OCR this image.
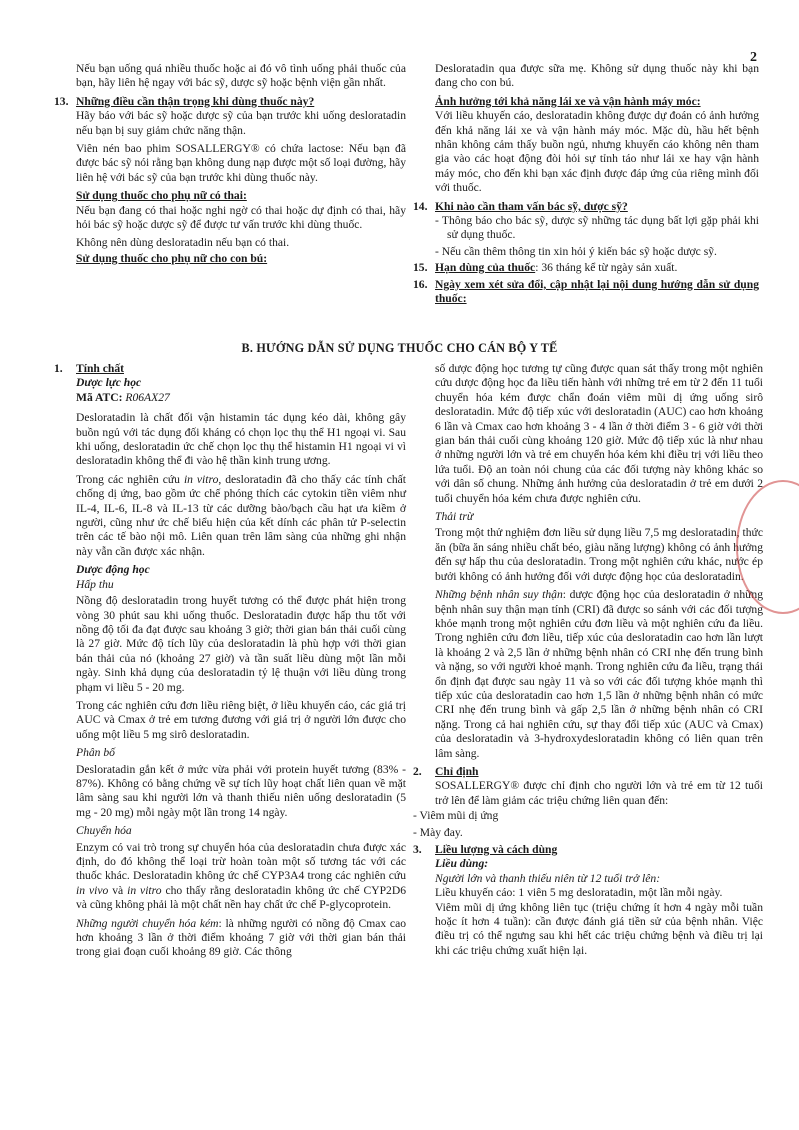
2

Nếu bạn uống quá nhiều thuốc hoặc ai đó vô tình uống phải thuốc của bạn, hãy liên hệ ngay với bác sỹ, dược sỹ hoặc bệnh viện gần nhất.

13. Những điều cần thận trọng khi dùng thuốc này?

Hãy báo với bác sỹ hoặc dược sỹ của bạn trước khi uống desloratadin nếu bạn bị suy giảm chức năng thận.

Viên nén bao phim SOSALLERGY® có chứa lactose: Nếu bạn đã được bác sỹ nói rằng bạn không dung nạp được một số loại đường, hãy liên hệ với bác sỹ của bạn trước khi dùng thuốc này.

Sử dụng thuốc cho phụ nữ có thai:

Nếu bạn đang có thai hoặc nghi ngờ có thai hoặc dự định có thai, hãy hỏi bác sỹ hoặc dược sỹ để được tư vấn trước khi dùng thuốc.

Không nên dùng desloratadin nếu bạn có thai.

Sử dụng thuốc cho phụ nữ cho con bú:

Desloratadin qua được sữa mẹ. Không sử dụng thuốc này khi bạn đang cho con bú.

Ảnh hưởng tới khả năng lái xe và vận hành máy móc:

Với liều khuyến cáo, desloratadin không được dự đoán có ảnh hưởng đến khả năng lái xe và vận hành máy móc. Mặc dù, hầu hết bệnh nhân không cảm thấy buồn ngủ, nhưng khuyến cáo không nên tham gia vào các hoạt động đòi hỏi sự tỉnh táo như lái xe hay vận hành máy móc, cho đến khi bạn xác định được đáp ứng của riêng mình đối với thuốc.

14. Khi nào cần tham vấn bác sỹ, dược sỹ?

- Thông báo cho bác sỹ, dược sỹ những tác dụng bất lợi gặp phải khi sử dụng thuốc.

- Nếu cần thêm thông tin xin hỏi ý kiến bác sỹ hoặc dược sỹ.

15. Hạn dùng của thuốc: 36 tháng kể từ ngày sản xuất.

16. Ngày xem xét sửa đổi, cập nhật lại nội dung hướng dẫn sử dụng thuốc:

B. HƯỚNG DẪN SỬ DỤNG THUỐC CHO CÁN BỘ Y TẾ

1. Tính chất

Dược lực học

Mã ATC: R06AX27

Desloratadin là chất đối vận histamin tác dụng kéo dài, không gây buồn ngủ với tác dụng đối kháng có chọn lọc thụ thể H1 ngoại vi. Sau khi uống, desloratadin ức chế chọn lọc thụ thể histamin H1 ngoại vi vì desloratadin không thể đi vào hệ thần kinh trung ương.

Trong các nghiên cứu in vitro, desloratadin đã cho thấy các tính chất chống dị ứng, bao gồm ức chế phóng thích các cytokin tiền viêm như IL-4, IL-6, IL-8 và IL-13 từ các dưỡng bào/bạch cầu hạt ưa kiềm ở người, cũng như ức chế biểu hiện của kết dính các phân tử P-selectin trên các tế bào nội mô. Liên quan trên lâm sàng của những ghi nhận này vẫn cần được xác nhận.

Dược động học

Hấp thu

Nồng độ desloratadin trong huyết tương có thể được phát hiện trong vòng 30 phút sau khi uống thuốc. Desloratadin được hấp thu tốt với nồng độ tối đa đạt được sau khoảng 3 giờ; thời gian bán thải cuối cùng là 27 giờ. Mức độ tích lũy của desloratadin là phù hợp với thời gian bán thải của nó (khoảng 27 giờ) và tần suất liều dùng một lần mỗi ngày. Sinh khả dụng của desloratadin tỷ lệ thuận với liều dùng trong phạm vi liều 5 - 20 mg.

Trong các nghiên cứu đơn liều riêng biệt, ở liều khuyến cáo, các giá trị AUC và Cmax ở trẻ em tương đương với giá trị ở người lớn được cho uống một liều 5 mg sirô desloratadin.

Phân bố

Desloratadin gắn kết ở mức vừa phải với protein huyết tương (83% - 87%). Không có bằng chứng về sự tích lũy hoạt chất liên quan về mặt lâm sàng sau khi người lớn và thanh thiếu niên uống desloratadin (5 mg - 20 mg) mỗi ngày một lần trong 14 ngày.

Chuyển hóa

Enzym có vai trò trong sự chuyển hóa của desloratadin chưa được xác định, do đó không thể loại trừ hoàn toàn một số tương tác với các thuốc khác. Desloratadin không ức chế CYP3A4 trong các nghiên cứu in vivo và in vitro cho thấy rằng desloratadin không ức chế CYP2D6 và cũng không phải là một chất nền hay chất ức chế P-glycoprotein.

Những người chuyển hóa kém: là những người có nồng độ Cmax cao hơn khoảng 3 lần ở thời điểm khoảng 7 giờ với thời gian bán thải trong giai đoạn cuối khoảng 89 giờ. Các thông

số dược động học tương tự cũng được quan sát thấy trong một nghiên cứu dược động học đa liều tiến hành với những trẻ em từ 2 đến 11 tuổi chuyển hóa kém được chẩn đoán viêm mũi dị ứng uống sirô desloratadin. Mức độ tiếp xúc với desloratadin (AUC) cao hơn khoảng 6 lần và Cmax cao hơn khoảng 3 - 4 lần ở thời điểm 3 - 6 giờ với thời gian bán thải cuối cùng khoảng 120 giờ. Mức độ tiếp xúc là như nhau ở những người lớn và trẻ em chuyển hóa kém khi điều trị với liều theo lứa tuổi. Độ an toàn nói chung của các đối tượng này không khác so với dân số chung. Những ảnh hưởng của desloratadin ở trẻ em dưới 2 tuổi chuyển hóa kém chưa được nghiên cứu.

Thải trừ

Trong một thử nghiệm đơn liều sử dụng liều 7,5 mg desloratadin, thức ăn (bữa ăn sáng nhiều chất béo, giàu năng lượng) không có ảnh hưởng đến sự hấp thu của desloratadin. Trong một nghiên cứu khác, nước ép bưởi không có ảnh hưởng đối với dược động học của desloratadin.

Những bệnh nhân suy thận: dược động học của desloratadin ở những bệnh nhân suy thận mạn tính (CRI) đã được so sánh với các đối tượng khỏe mạnh trong một nghiên cứu đơn liều và một nghiên cứu đa liều. Trong nghiên cứu đơn liều, tiếp xúc của desloratadin cao hơn lần lượt là khoảng 2 và 2,5 lần ở những bệnh nhân có CRI nhẹ đến trung bình và nặng, so với người khoẻ mạnh. Trong nghiên cứu đa liều, trạng thái ổn định đạt được sau ngày 11 và so với các đối tượng khỏe mạnh thì tiếp xúc của desloratadin cao hơn 1,5 lần ở những bệnh nhân có mức CRI nhẹ đến trung bình và gấp 2,5 lần ở những bệnh nhân có CRI nặng. Trong cả hai nghiên cứu, sự thay đổi tiếp xúc (AUC và Cmax) của desloratadin và 3-hydroxydesloratadin không có liên quan trên lâm sàng.

2. Chỉ định

SOSALLERGY® được chỉ định cho người lớn và trẻ em từ 12 tuổi trở lên để làm giảm các triệu chứng liên quan đến:

- Viêm mũi dị ứng

- Mày đay.

3. Liều lượng và cách dùng

Liều dùng:

Người lớn và thanh thiếu niên từ 12 tuổi trở lên:

Liều khuyến cáo: 1 viên 5 mg desloratadin, một lần mỗi ngày.

Viêm mũi dị ứng không liên tục (triệu chứng ít hơn 4 ngày mỗi tuần hoặc ít hơn 4 tuần): cần được đánh giá tiền sử của bệnh nhân. Việc điều trị có thể ngưng sau khi hết các triệu chứng bệnh và điều trị lại khi các triệu chứng xuất hiện lại.
